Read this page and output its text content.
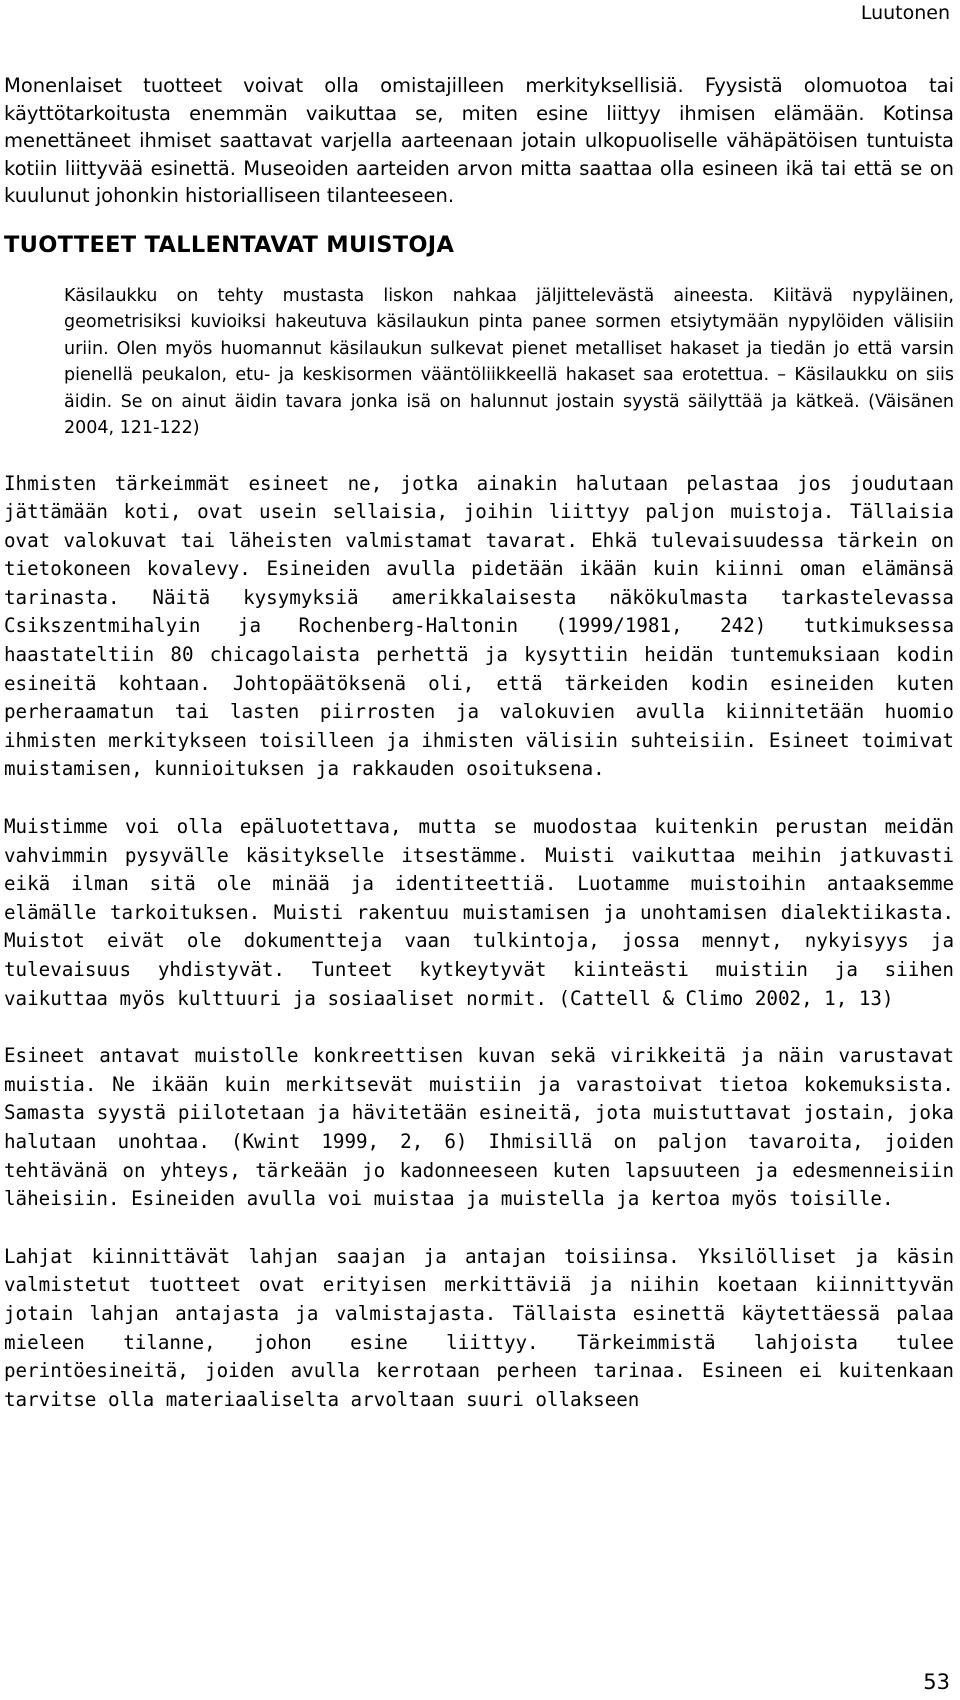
Luutonen

Monenlaiset tuotteet voivat olla omistajilleen merkityksellisiä. Fyysistä olomuotoa tai käyttötarkoitusta enemmän vaikuttaa se, miten esine liittyy ihmisen elämään. Kotinsa menettäneet ihmiset saattavat varjella aarteenaan jotain ulkopuoliselle vähäpätöisen tuntuista kotiin liittyvää esinettä. Museoiden aarteiden arvon mitta saattaa olla esineen ikä tai että se on kuulunut johonkin historialliseen tilanteeseen.

TUOTTEET TALLENTAVAT MUISTOJA

Käsilaukku on tehty mustasta liskon nahkaa jäljittelevästä aineesta. Kiitävä nypyläinen, geometrisiksi kuvioiksi hakeutuva käsilaukun pinta panee sormen etsiytymään nypylöiden välisiin uriin. Olen myös huomannut käsilaukun sulkevat pienet metalliset hakaset ja tiedän jo että varsin pienellä peukalon, etu- ja keskisormen vääntöliikkeellä hakaset saa erotettua. – Käsilaukku on siis äidin. Se on ainut äidin tavara jonka isä on halunnut jostain syystä säilyttää ja kätkeä. (Väisänen 2004, 121-122)

Ihmisten tärkeimmät esineet ne, jotka ainakin halutaan pelastaa jos joudutaan jättämään koti, ovat usein sellaisia, joihin liittyy paljon muistoja. Tällaisia ovat valokuvat tai läheisten valmistamat tavarat. Ehkä tulevaisuudessa tärkein on tietokoneen kovalevy. Esineiden avulla pidetään ikään kuin kiinni oman elämänsä tarinasta. Näitä kysymyksiä amerikkalaisesta näkökulmasta tarkastelevassa Csikszentmihalyin ja Rochenberg-Haltonin (1999/1981, 242) tutkimuksessa haastateltiin 80 chicagolaista perhettä ja kysyttiin heidän tuntemuksiaan kodin esineitä kohtaan. Johtopäätöksenä oli, että tärkeiden kodin esineiden kuten perheraamatun tai lasten piirrosten ja valokuvien avulla kiinnitetään huomio ihmisten merkitykseen toisilleen ja ihmisten välisiin suhteisiin. Esineet toimivat muistamisen, kunnioituksen ja rakkauden osoituksena.

Muistimme voi olla epäluotettava, mutta se muodostaa kuitenkin perustan meidän vahvimmin pysyvälle käsitykselle itsestämme. Muisti vaikuttaa meihin jatkuvasti eikä ilman sitä ole minää ja identiteettiä. Luotamme muistoihin antaaksemme elämälle tarkoituksen. Muisti rakentuu muistamisen ja unohtamisen dialektiikasta. Muistot eivät ole dokumentteja vaan tulkintoja, jossa mennyt, nykyisyys ja tulevaisuus yhdistyvät. Tunteet kytkeytyvät kiinteästi muistiin ja siihen vaikuttaa myös kulttuuri ja sosiaaliset normit. (Cattell & Climo 2002, 1, 13)

Esineet antavat muistolle konkreettisen kuvan sekä virikkeitä ja näin varustavat muistia. Ne ikään kuin merkitsevät muistiin ja varastoivat tietoa kokemuksista. Samasta syystä piilotetaan ja hävitetään esineitä, jota muistuttavat jostain, joka halutaan unohtaa. (Kwint 1999, 2, 6) Ihmisillä on paljon tavaroita, joiden tehtävänä on yhteys, tärkeään jo kadonneeseen kuten lapsuuteen ja edesmenneisiin läheisiin. Esineiden avulla voi muistaa ja muistella ja kertoa myös toisille.

Lahjat kiinnittävät lahjan saajan ja antajan toisiinsa. Yksilölliset ja käsin valmistetut tuotteet ovat erityisen merkittäviä ja niihin koetaan kiinnittyvän jotain lahjan antajasta ja valmistajasta. Tällaista esinettä käytettäessä palaa mieleen tilanne, johon esine liittyy. Tärkeimmistä lahjoista tulee perintöesineitä, joiden avulla kerrotaan perheen tarinaa. Esineen ei kuitenkaan tarvitse olla materiaaliselta arvoltaan suuri ollakseen

53
